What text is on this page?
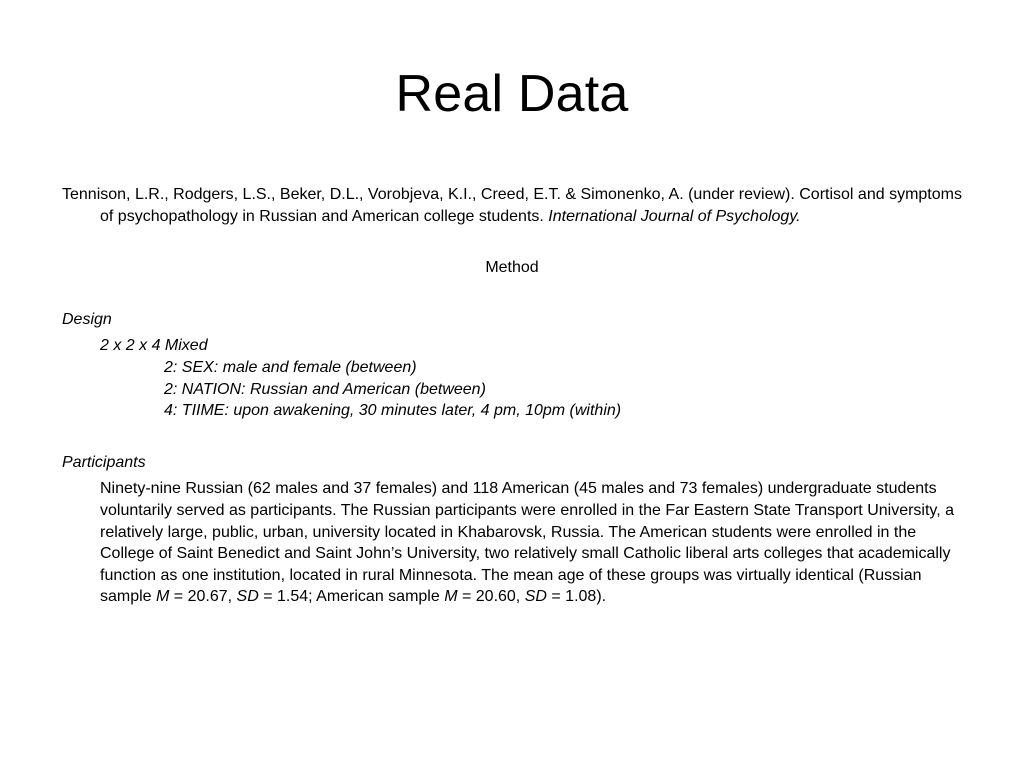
Real Data
Tennison, L.R., Rodgers, L.S., Beker, D.L., Vorobjeva, K.I., Creed, E.T. & Simonenko, A. (under review). Cortisol and symptoms of psychopathology in Russian and American college students. International Journal of Psychology.
Method
Design
2 x 2 x 4 Mixed
2: SEX: male and female (between)
2: NATION: Russian and American (between)
4: TIIME: upon awakening, 30 minutes later, 4 pm, 10pm (within)
Participants
Ninety-nine Russian (62 males and 37 females) and 118 American (45 males and 73 females) undergraduate students voluntarily served as participants. The Russian participants were enrolled in the Far Eastern State Transport University, a relatively large, public, urban, university located in Khabarovsk, Russia. The American students were enrolled in the College of Saint Benedict and Saint John’s University, two relatively small Catholic liberal arts colleges that academically function as one institution, located in rural Minnesota. The mean age of these groups was virtually identical (Russian sample M = 20.67, SD = 1.54; American sample M = 20.60, SD = 1.08).
